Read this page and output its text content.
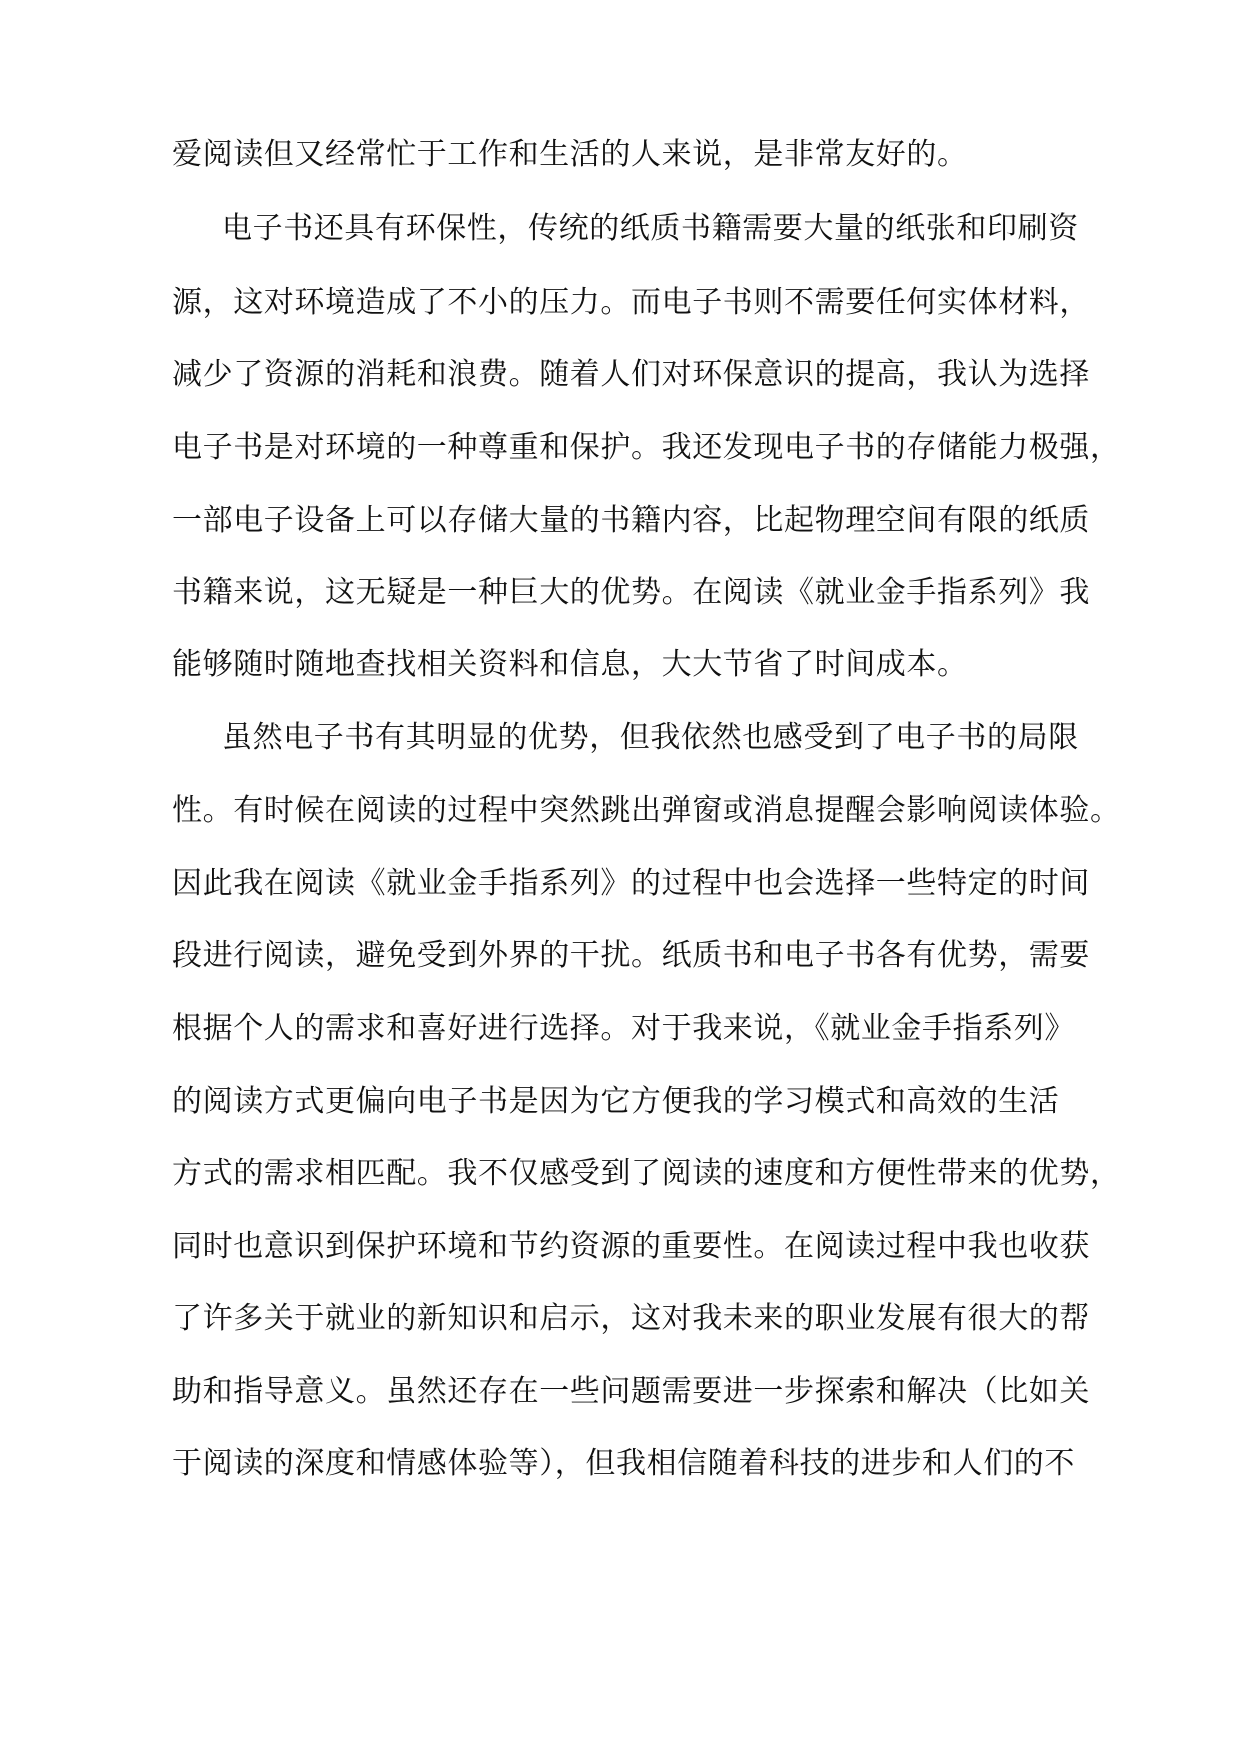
爱阅读但又经常忙于工作和生活的人来说，是非常友好的。
电子书还具有环保性，传统的纸质书籍需要大量的纸张和印刷资
源，这对环境造成了不小的压力。而电子书则不需要任何实体材料，
减少了资源的消耗和浪费。随着人们对环保意识的提高，我认为选择
电子书是对环境的一种尊重和保护。我还发现电子书的存储能力极强，
一部电子设备上可以存储大量的书籍内容，比起物理空间有限的纸质
书籍来说，这无疑是一种巨大的优势。在阅读《就业金手指系列》我
能够随时随地查找相关资料和信息，大大节省了时间成本。
虽然电子书有其明显的优势，但我依然也感受到了电子书的局限
性。有时候在阅读的过程中突然跳出弹窗或消息提醒会影响阅读体验。
因此我在阅读《就业金手指系列》的过程中也会选择一些特定的时间
段进行阅读，避免受到外界的干扰。纸质书和电子书各有优势，需要
根据个人的需求和喜好进行选择。对于我来说，《就业金手指系列》
的阅读方式更偏向电子书是因为它方便我的学习模式和高效的生活
方式的需求相匹配。我不仅感受到了阅读的速度和方便性带来的优势，
同时也意识到保护环境和节约资源的重要性。在阅读过程中我也收获
了许多关于就业的新知识和启示，这对我未来的职业发展有很大的帮
助和指导意义。虽然还存在一些问题需要进一步探索和解决（比如关
于阅读的深度和情感体验等），但我相信随着科技的进步和人们的不
